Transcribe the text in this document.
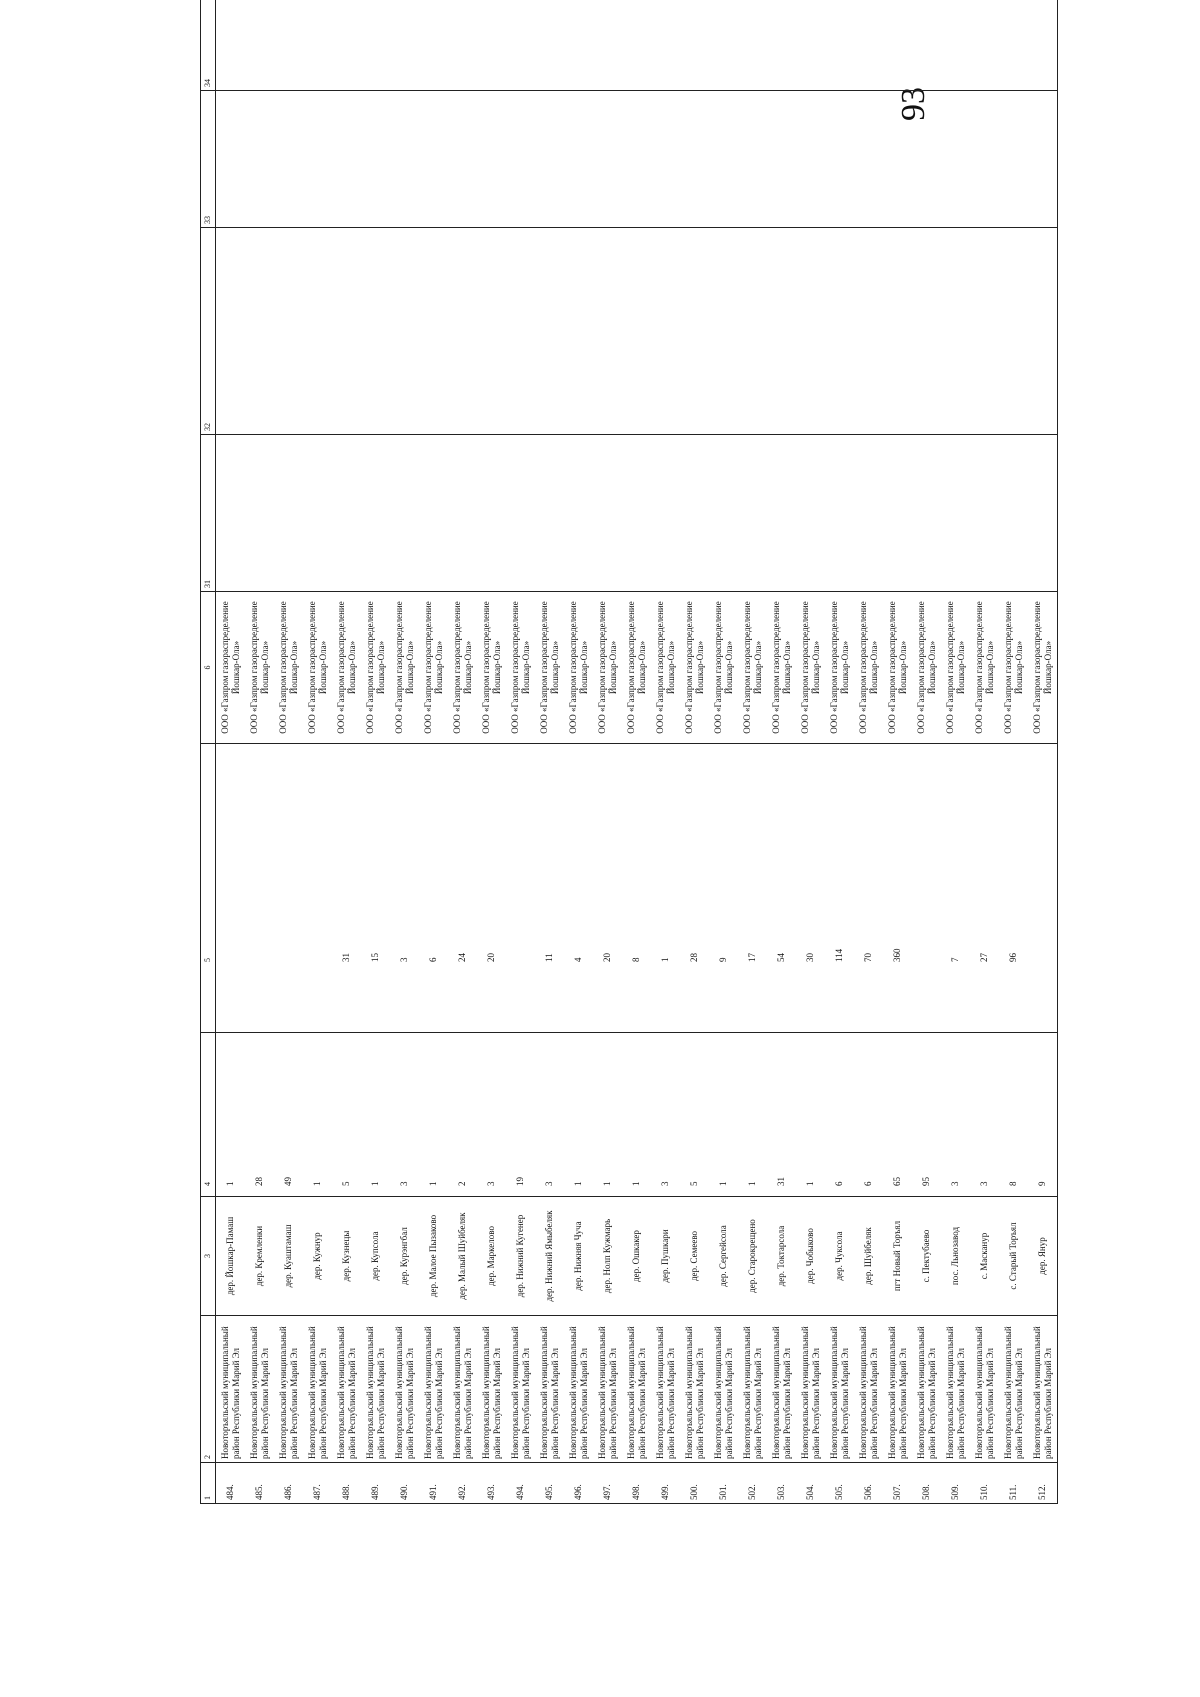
93
1	2	3	4	5	6	31	32	33	34
484.	Новоторъяльский муниципальный район Республики Марий Эл	дер. Йошкар-Памаш	1		ООО «Газпром газораспределение Йошкар-Ола»				
485.	Новоторъяльский муниципальный район Республики Марий Эл	дер. Кремленки	28		ООО «Газпром газораспределение Йошкар-Ола»				
486.	Новоторъяльский муниципальный район Республики Марий Эл	дер. Куаштамаш	49		ООО «Газпром газораспределение Йошкар-Ола»				
487.	Новоторъяльский муниципальный район Республики Марий Эл	дер. Кужнур	1		ООО «Газпром газораспределение Йошкар-Ола»				
488.	Новоторъяльский муниципальный район Республики Марий Эл	дер. Кузнецы	5	31	ООО «Газпром газораспределение Йошкар-Ола»				
489.	Новоторъяльский муниципальный район Республики Марий Эл	дер. Купсола	1	15	ООО «Газпром газораспределение Йошкар-Ола»				
490.	Новоторъяльский муниципальный район Республики Марий Эл	дер. Курэнгбал	3	3	ООО «Газпром газораспределение Йошкар-Ола»				
491.	Новоторъяльский муниципальный район Республики Марий Эл	дер. Малое Пызаково	1	6	ООО «Газпром газораспределение Йошкар-Ола»				
492.	Новоторъяльский муниципальный район Республики Марий Эл	дер. Малый Шуйбеляк	2	24	ООО «Газпром газораспределение Йошкар-Ола»				
493.	Новоторъяльский муниципальный район Республики Марий Эл	дер. Маркелово	3	20	ООО «Газпром газораспределение Йошкар-Ола»				
494.	Новоторъяльский муниципальный район Республики Марий Эл	дер. Нижний Кугенер	19		ООО «Газпром газораспределение Йошкар-Ола»				
495.	Новоторъяльский муниципальный район Республики Марий Эл	дер. Нижний Ямыбеляк	3	11	ООО «Газпром газораспределение Йошкар-Ола»				
496.	Новоторъяльский муниципальный район Республики Марий Эл	дер. Нижняя Чуча	1	4	ООО «Газпром газораспределение Йошкар-Ола»				
497.	Новоторъяльский муниципальный район Республики Марий Эл	дер. Нолп Кужмарь	1	20	ООО «Газпром газораспределение Йошкар-Ола»				
498.	Новоторъяльский муниципальный район Республики Марий Эл	дер. Ошкакер	1	8	ООО «Газпром газораспределение Йошкар-Ола»				
499.	Новоторъяльский муниципальный район Республики Марий Эл	дер. Пушкари	3	1	ООО «Газпром газораспределение Йошкар-Ола»				
500.	Новоторъяльский муниципальный район Республики Марий Эл	дер. Семеево	5	28	ООО «Газпром газораспределение Йошкар-Ола»				
501.	Новоторъяльский муниципальный район Республики Марий Эл	дер. Сергейсола	1	9	ООО «Газпром газораспределение Йошкар-Ола»				
502.	Новоторъяльский муниципальный район Республики Марий Эл	дер. Старокрещено	1	17	ООО «Газпром газораспределение Йошкар-Ола»				
503.	Новоторъяльский муниципальный район Республики Марий Эл	дер. Токтарсола	31	54	ООО «Газпром газораспределение Йошкар-Ола»				
504.	Новоторъяльский муниципальный район Республики Марий Эл	дер. Чобыково	1	30	ООО «Газпром газораспределение Йошкар-Ола»				
505.	Новоторъяльский муниципальный район Республики Марий Эл	дер. Чуксола	6	114	ООО «Газпром газораспределение Йошкар-Ола»				
506.	Новоторъяльский муниципальный район Республики Марий Эл	дер. Шуйбеляк	6	70	ООО «Газпром газораспределение Йошкар-Ола»				
507.	Новоторъяльский муниципальный район Республики Марий Эл	пгт Новый Торъял	65	360	ООО «Газпром газораспределение Йошкар-Ола»				
508.	Новоторъяльский муниципальный район Республики Марий Эл	с. Пектубаево	95		ООО «Газпром газораспределение Йошкар-Ола»				
509.	Новоторъяльский муниципальный район Республики Марий Эл	пос. Льнозавод	3	7	ООО «Газпром газораспределение Йошкар-Ола»				
510.	Новоторъяльский муниципальный район Республики Марий Эл	с. Масканур	3	27	ООО «Газпром газораспределение Йошкар-Ола»				
511.	Новоторъяльский муниципальный район Республики Марий Эл	с. Старый Торъял	8	96	ООО «Газпром газораспределение Йошкар-Ола»				
512.	Новоторъяльский муниципальный район Республики Марий Эл	дер. Янур	9		ООО «Газпром газораспределение Йошкар-Ола»				
